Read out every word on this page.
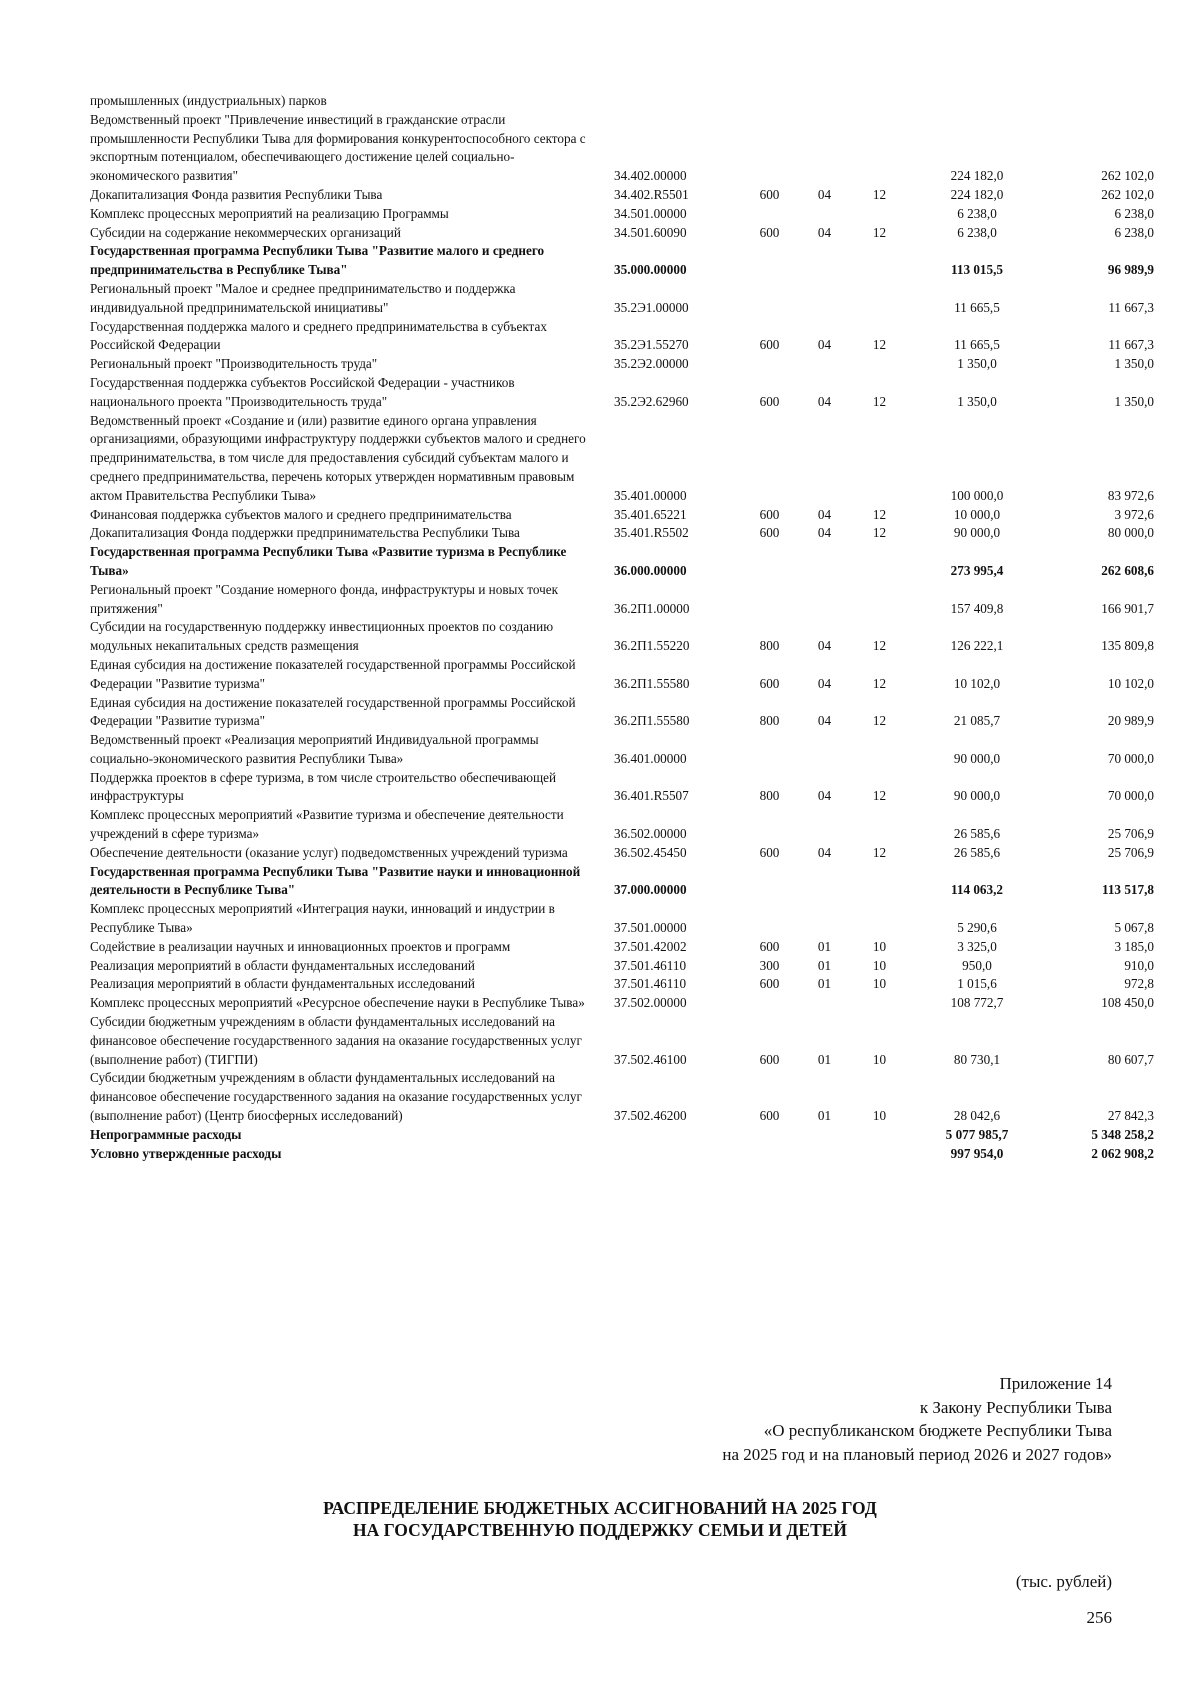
промышленных (индустриальных) парков						
Ведомственный проект "Привлечение инвестиций в гражданские отрасли промышленности Республики Тыва для формирования конкурентоспособного сектора с экспортным потенциалом, обеспечивающего достижение целей социально-экономического развития"	34.402.00000				224 182,0	262 102,0
Докапитализация Фонда развития Республики Тыва	34.402.R5501	600	04	12	224 182,0	262 102,0
Комплекс процессных мероприятий на реализацию Программы	34.501.00000				6 238,0	6 238,0
Субсидии на содержание некоммерческих организаций	34.501.60090	600	04	12	6 238,0	6 238,0
Государственная программа Республики Тыва "Развитие малого и среднего предпринимательства в Республике Тыва"	35.000.00000				113 015,5	96 989,9
Региональный проект "Малое и среднее предпринимательство и поддержка индивидуальной предпринимательской инициативы"	35.2Э1.00000				11 665,5	11 667,3
Государственная поддержка малого и среднего предпринимательства в субъектах Российской Федерации	35.2Э1.55270	600	04	12	11 665,5	11 667,3
Региональный проект "Производительность труда"	35.2Э2.00000				1 350,0	1 350,0
Государственная поддержка субъектов Российской Федерации - участников национального проекта "Производительность труда"	35.2Э2.62960	600	04	12	1 350,0	1 350,0
Ведомственный проект «Создание и (или) развитие единого органа управления организациями, образующими инфраструктуру поддержки субъектов малого и среднего предпринимательства, в том числе для предоставления субсидий субъектам малого и среднего предпринимательства, перечень которых утвержден нормативным правовым актом Правительства Республики Тыва»	35.401.00000				100 000,0	83 972,6
Финансовая поддержка субъектов малого и среднего предпринимательства	35.401.65221	600	04	12	10 000,0	3 972,6
Докапитализация Фонда поддержки предпринимательства Республики Тыва	35.401.R5502	600	04	12	90 000,0	80 000,0
Государственная программа Республики Тыва «Развитие туризма в Республике Тыва»	36.000.00000				273 995,4	262 608,6
Региональный проект "Создание номерного фонда, инфраструктуры и новых точек притяжения"	36.2П1.00000				157 409,8	166 901,7
Субсидии на государственную поддержку инвестиционных проектов по созданию модульных некапитальных средств размещения	36.2П1.55220	800	04	12	126 222,1	135 809,8
Единая субсидия на достижение показателей государственной программы Российской Федерации "Развитие туризма"	36.2П1.55580	600	04	12	10 102,0	10 102,0
Единая субсидия на достижение показателей государственной программы Российской Федерации "Развитие туризма"	36.2П1.55580	800	04	12	21 085,7	20 989,9
Ведомственный проект «Реализация мероприятий Индивидуальной программы социально-экономического развития Республики Тыва»	36.401.00000				90 000,0	70 000,0
Поддержка проектов в сфере туризма, в том числе строительство обеспечивающей инфраструктуры	36.401.R5507	800	04	12	90 000,0	70 000,0
Комплекс процессных мероприятий «Развитие туризма и обеспечение деятельности учреждений в сфере туризма»	36.502.00000				26 585,6	25 706,9
Обеспечение деятельности (оказание услуг) подведомственных учреждений туризма	36.502.45450	600	04	12	26 585,6	25 706,9
Государственная программа Республики Тыва "Развитие науки и инновационной деятельности в Республике Тыва"	37.000.00000				114 063,2	113 517,8
Комплекс процессных мероприятий «Интеграция науки, инноваций и индустрии в Республике Тыва»	37.501.00000				5 290,6	5 067,8
Содействие в реализации научных и инновационных проектов и программ	37.501.42002	600	01	10	3 325,0	3 185,0
Реализация мероприятий в области фундаментальных исследований	37.501.46110	300	01	10	950,0	910,0
Реализация мероприятий в области фундаментальных исследований	37.501.46110	600	01	10	1 015,6	972,8
Комплекс процессных мероприятий «Ресурсное обеспечение науки в Республике Тыва»	37.502.00000				108 772,7	108 450,0
Субсидии бюджетным учреждениям в области фундаментальных исследований на финансовое обеспечение государственного задания на оказание государственных услуг (выполнение работ) (ТИГПИ)	37.502.46100	600	01	10	80 730,1	80 607,7
Субсидии бюджетным учреждениям в области фундаментальных исследований на финансовое обеспечение государственного задания на оказание государственных услуг (выполнение работ) (Центр биосферных исследований)	37.502.46200	600	01	10	28 042,6	27 842,3
Непрограммные расходы					5 077 985,7	5 348 258,2
Условно утвержденные расходы					997 954,0	2 062 908,2
Приложение 14
к Закону Республики Тыва
«О республиканском бюджете Республики Тыва
на 2025 год и на плановый период 2026 и 2027 годов»
РАСПРЕДЕЛЕНИЕ БЮДЖЕТНЫХ АССИГНОВАНИЙ НА 2025 ГОД
НА ГОСУДАРСТВЕННУЮ ПОДДЕРЖКУ СЕМЬИ И ДЕТЕЙ
(тыс. рублей)
256
